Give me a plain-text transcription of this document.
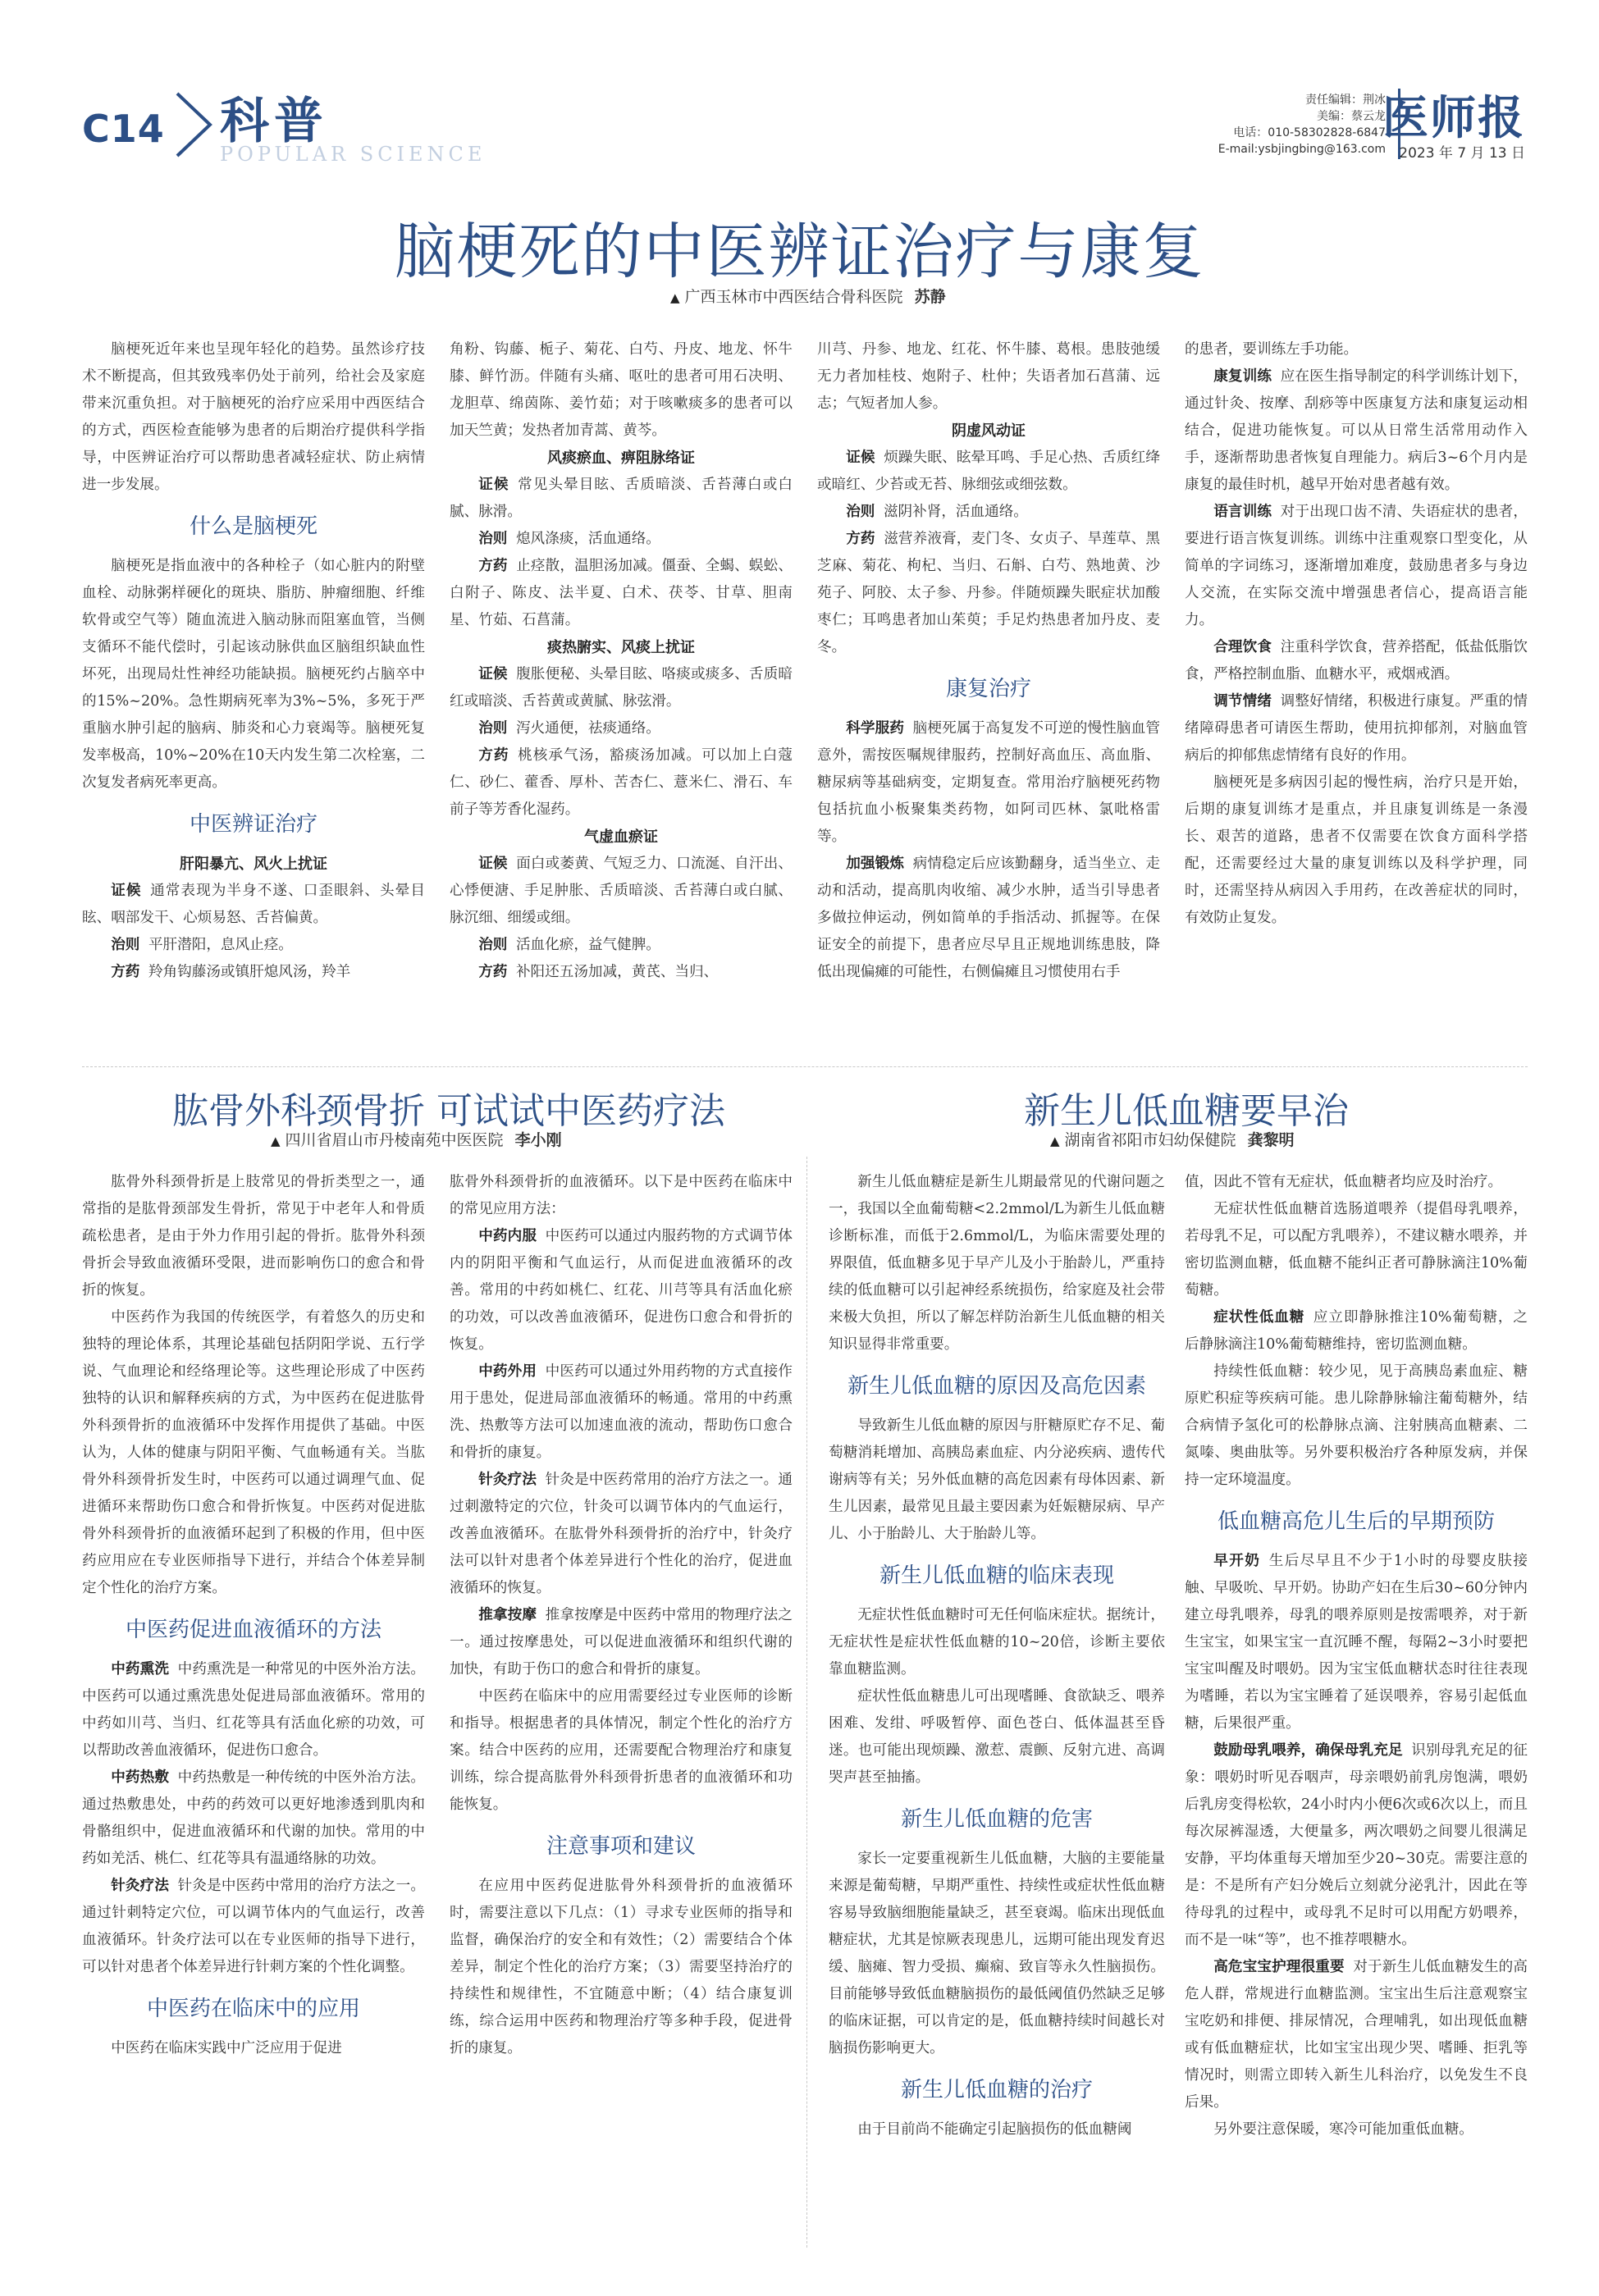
C14 科普
POPULAR SCIENCE
责任编辑：荆冰
美编：蔡云龙
电话：010-58302828-6847
E-mail:ysbjingbing@163.com
医师报
2023 年 7 月 13 日
脑梗死的中医辨证治疗与康复
▲ 广西玉林市中西医结合骨科医院 苏静

脑梗死近年来也呈现年轻化的趋势。虽然诊疗技术不断提高，但其致残率仍处于前列，给社会及家庭带来沉重负担。对于脑梗死的治疗应采用中西医结合的方式，西医检查能够为患者的后期治疗提供科学指导，中医辨证治疗可以帮助患者减轻症状、防止病情进一步发展。

什么是脑梗死

脑梗死是指血液中的各种栓子（如心脏内的附壁血栓、动脉粥样硬化的斑块、脂肪、肿瘤细胞、纤维软骨或空气等）随血流进入脑动脉而阻塞血管，当侧支循环不能代偿时，引起该动脉供血区脑组织缺血性坏死，出现局灶性神经功能缺损。脑梗死约占脑卒中的15%~20%。急性期病死率为3%~5%，多死于严重脑水肿引起的脑病、肺炎和心力衰竭等。脑梗死复发率极高，10%~20%在10天内发生第二次栓塞，二次复发者病死率更高。

中医辨证治疗

肝阳暴亢、风火上扰证

证候 通常表现为半身不遂、口歪眼斜、头晕目眩、咽部发干、心烦易怒、舌苔偏黄。

治则 平肝潜阳，息风止痉。

方药 羚角钩藤汤或镇肝熄风汤，羚羊

角粉、钩藤、栀子、菊花、白芍、丹皮、地龙、怀牛膝、鲜竹沥。伴随有头痛、呕吐的患者可用石决明、龙胆草、绵茵陈、姜竹茹；对于咳嗽痰多的患者可以加天竺黄；发热者加青蒿、黄芩。

风痰瘀血、痹阻脉络证

证候 常见头晕目眩、舌质暗淡、舌苔薄白或白腻、脉滑。

治则 熄风涤痰，活血通络。

方药 止痉散，温胆汤加减。僵蚕、全蝎、蜈蚣、白附子、陈皮、法半夏、白术、茯苓、甘草、胆南星、竹茹、石菖蒲。

痰热腑实、风痰上扰证

证候 腹胀便秘、头晕目眩、咯痰或痰多、舌质暗红或暗淡、舌苔黄或黄腻、脉弦滑。

治则 泻火通便，祛痰通络。

方药 桃核承气汤，豁痰汤加减。可以加上白蔻仁、砂仁、藿香、厚朴、苦杏仁、薏米仁、滑石、车前子等芳香化湿药。

气虚血瘀证

证候 面白或萎黄、气短乏力、口流涎、自汗出、心悸便溏、手足肿胀、舌质暗淡、舌苔薄白或白腻、脉沉细、细缓或细。

治则 活血化瘀，益气健脾。

方药 补阳还五汤加减，黄芪、当归、

川芎、丹参、地龙、红花、怀牛膝、葛根。患肢弛缓无力者加桂枝、炮附子、杜仲；失语者加石菖蒲、远志；气短者加人参。

阴虚风动证

证候 烦躁失眠、眩晕耳鸣、手足心热、舌质红绛或暗红、少苔或无苔、脉细弦或细弦数。

治则 滋阴补肾，活血通络。

方药 滋营养液膏，麦门冬、女贞子、旱莲草、黑芝麻、菊花、枸杞、当归、石斛、白芍、熟地黄、沙苑子、阿胶、太子参、丹参。伴随烦躁失眠症状加酸枣仁；耳鸣患者加山茱萸；手足灼热患者加丹皮、麦冬。

康复治疗

科学服药 脑梗死属于高复发不可逆的慢性脑血管意外，需按医嘱规律服药，控制好高血压、高血脂、糖尿病等基础病变，定期复查。常用治疗脑梗死药物包括抗血小板聚集类药物，如阿司匹林、氯吡格雷等。

加强锻炼 病情稳定后应该勤翻身，适当坐立、走动和活动，提高肌肉收缩、减少水肿，适当引导患者多做拉伸运动，例如简单的手指活动、抓握等。在保证安全的前提下，患者应尽早且正规地训练患肢，降低出现偏瘫的可能性，右侧偏瘫且习惯使用右手

的患者，要训练左手功能。

康复训练 应在医生指导制定的科学训练计划下，通过针灸、按摩、刮痧等中医康复方法和康复运动相结合，促进功能恢复。可以从日常生活常用动作入手，逐渐帮助患者恢复自理能力。病后3~6个月内是康复的最佳时机，越早开始对患者越有效。

语言训练 对于出现口齿不清、失语症状的患者，要进行语言恢复训练。训练中注重观察口型变化，从简单的字词练习，逐渐增加难度，鼓励患者多与身边人交流，在实际交流中增强患者信心，提高语言能力。

合理饮食 注重科学饮食，营养搭配，低盐低脂饮食，严格控制血脂、血糖水平，戒烟戒酒。

调节情绪 调整好情绪，积极进行康复。严重的情绪障碍患者可请医生帮助，使用抗抑郁剂，对脑血管病后的抑郁焦虑情绪有良好的作用。

脑梗死是多病因引起的慢性病，治疗只是开始，后期的康复训练才是重点，并且康复训练是一条漫长、艰苦的道路，患者不仅需要在饮食方面科学搭配，还需要经过大量的康复训练以及科学护理，同时，还需坚持从病因入手用药，在改善症状的同时，有效防止复发。

肱骨外科颈骨折 可试试中医药疗法
▲ 四川省眉山市丹棱南苑中医医院 李小刚

肱骨外科颈骨折是上肢常见的骨折类型之一，通常指的是肱骨颈部发生骨折，常见于中老年人和骨质疏松患者，是由于外力作用引起的骨折。肱骨外科颈骨折会导致血液循环受限，进而影响伤口的愈合和骨折的恢复。

中医药作为我国的传统医学，有着悠久的历史和独特的理论体系，其理论基础包括阴阳学说、五行学说、气血理论和经络理论等。这些理论形成了中医药独特的认识和解释疾病的方式，为中医药在促进肱骨外科颈骨折的血液循环中发挥作用提供了基础。中医认为，人体的健康与阴阳平衡、气血畅通有关。当肱骨外科颈骨折发生时，中医药可以通过调理气血、促进循环来帮助伤口愈合和骨折恢复。中医药对促进肱骨外科颈骨折的血液循环起到了积极的作用，但中医药应用应在专业医师指导下进行，并结合个体差异制定个性化的治疗方案。

中医药促进血液循环的方法

中药熏洗 中药熏洗是一种常见的中医外治方法。中医药可以通过熏洗患处促进局部血液循环。常用的中药如川芎、当归、红花等具有活血化瘀的功效，可以帮助改善血液循环，促进伤口愈合。

中药热敷 中药热敷是一种传统的中医外治方法。通过热敷患处，中药的药效可以更好地渗透到肌肉和骨骼组织中，促进血液循环和代谢的加快。常用的中药如羌活、桃仁、红花等具有温通络脉的功效。

针灸疗法 针灸是中医药中常用的治疗方法之一。通过针刺特定穴位，可以调节体内的气血运行，改善血液循环。针灸疗法可以在专业医师的指导下进行，可以针对患者个体差异进行针刺方案的个性化调整。

中医药在临床中的应用

中医药在临床实践中广泛应用于促进

肱骨外科颈骨折的血液循环。以下是中医药在临床中的常见应用方法：

中药内服 中医药可以通过内服药物的方式调节体内的阴阳平衡和气血运行，从而促进血液循环的改善。常用的中药如桃仁、红花、川芎等具有活血化瘀的功效，可以改善血液循环，促进伤口愈合和骨折的恢复。

中药外用 中医药可以通过外用药物的方式直接作用于患处，促进局部血液循环的畅通。常用的中药熏洗、热敷等方法可以加速血液的流动，帮助伤口愈合和骨折的康复。

针灸疗法 针灸是中医药常用的治疗方法之一。通过刺激特定的穴位，针灸可以调节体内的气血运行，改善血液循环。在肱骨外科颈骨折的治疗中，针灸疗法可以针对患者个体差异进行个性化的治疗，促进血液循环的恢复。

推拿按摩 推拿按摩是中医药中常用的物理疗法之一。通过按摩患处，可以促进血液循环和组织代谢的加快，有助于伤口的愈合和骨折的康复。

中医药在临床中的应用需要经过专业医师的诊断和指导。根据患者的具体情况，制定个性化的治疗方案。结合中医药的应用，还需要配合物理治疗和康复训练，综合提高肱骨外科颈骨折患者的血液循环和功能恢复。

注意事项和建议

在应用中医药促进肱骨外科颈骨折的血液循环时，需要注意以下几点：（1）寻求专业医师的指导和监督，确保治疗的安全和有效性；（2）需要结合个体差异，制定个性化的治疗方案；（3）需要坚持治疗的持续性和规律性，不宜随意中断；（4）结合康复训练，综合运用中医药和物理治疗等多种手段，促进骨折的康复。

新生儿低血糖要早治
▲ 湖南省祁阳市妇幼保健院 龚黎明

新生儿低血糖症是新生儿期最常见的代谢问题之一，我国以全血葡萄糖<2.2mmol/L为新生儿低血糖诊断标准，而低于2.6mmol/L，为临床需要处理的界限值，低血糖多见于早产儿及小于胎龄儿，严重持续的低血糖可以引起神经系统损伤，给家庭及社会带来极大负担，所以了解怎样防治新生儿低血糖的相关知识显得非常重要。

新生儿低血糖的原因及高危因素

导致新生儿低血糖的原因与肝糖原贮存不足、葡萄糖消耗增加、高胰岛素血症、内分泌疾病、遗传代谢病等有关；另外低血糖的高危因素有母体因素、新生儿因素，最常见且最主要因素为妊娠糖尿病、早产儿、小于胎龄儿、大于胎龄儿等。

新生儿低血糖的临床表现

无症状性低血糖时可无任何临床症状。据统计，无症状性是症状性低血糖的10~20倍，诊断主要依靠血糖监测。

症状性低血糖患儿可出现嗜睡、食欲缺乏、喂养困难、发绀、呼吸暂停、面色苍白、低体温甚至昏迷。也可能出现烦躁、激惹、震颤、反射亢进、高调哭声甚至抽搐。

新生儿低血糖的危害

家长一定要重视新生儿低血糖，大脑的主要能量来源是葡萄糖，早期严重性、持续性或症状性低血糖容易导致脑细胞能量缺乏，甚至衰竭。临床出现低血糖症状，尤其是惊厥表现患儿，远期可能出现发育迟缓、脑瘫、智力受损、癫痫、致盲等永久性脑损伤。目前能够导致低血糖脑损伤的最低阈值仍然缺乏足够的临床证据，可以肯定的是，低血糖持续时间越长对脑损伤影响更大。

新生儿低血糖的治疗

由于目前尚不能确定引起脑损伤的低血糖阈

值，因此不管有无症状，低血糖者均应及时治疗。

无症状性低血糖首选肠道喂养（提倡母乳喂养，若母乳不足，可以配方乳喂养），不建议糖水喂养，并密切监测血糖，低血糖不能纠正者可静脉滴注10%葡萄糖。

症状性低血糖 应立即静脉推注10%葡萄糖，之后静脉滴注10%葡萄糖维持，密切监测血糖。

持续性低血糖：较少见，见于高胰岛素血症、糖原贮积症等疾病可能。患儿除静脉输注葡萄糖外，结合病情予氢化可的松静脉点滴、注射胰高血糖素、二氮嗪、奥曲肽等。另外要积极治疗各种原发病，并保持一定环境温度。

低血糖高危儿生后的早期预防

早开奶 生后尽早且不少于1小时的母婴皮肤接触、早吸吮、早开奶。协助产妇在生后30~60分钟内建立母乳喂养，母乳的喂养原则是按需喂养，对于新生宝宝，如果宝宝一直沉睡不醒，每隔2~3小时要把宝宝叫醒及时喂奶。因为宝宝低血糖状态时往往表现为嗜睡，若以为宝宝睡着了延误喂养，容易引起低血糖，后果很严重。

鼓励母乳喂养，确保母乳充足 识别母乳充足的征象：喂奶时听见吞咽声，母亲喂奶前乳房饱满，喂奶后乳房变得松软，24小时内小便6次或6次以上，而且每次尿裤湿透，大便量多，两次喂奶之间婴儿很满足安静，平均体重每天增加至少20~30克。需要注意的是：不是所有产妇分娩后立刻就分泌乳汁，因此在等待母乳的过程中，或母乳不足时可以用配方奶喂养，而不是一味“等”，也不推荐喂糖水。

高危宝宝护理很重要 对于新生儿低血糖发生的高危人群，常规进行血糖监测。宝宝出生后注意观察宝宝吃奶和排便、排尿情况，合理哺乳，如出现低血糖或有低血糖症状，比如宝宝出现少哭、嗜睡、拒乳等情况时，则需立即转入新生儿科治疗，以免发生不良后果。

另外要注意保暖，寒冷可能加重低血糖。
